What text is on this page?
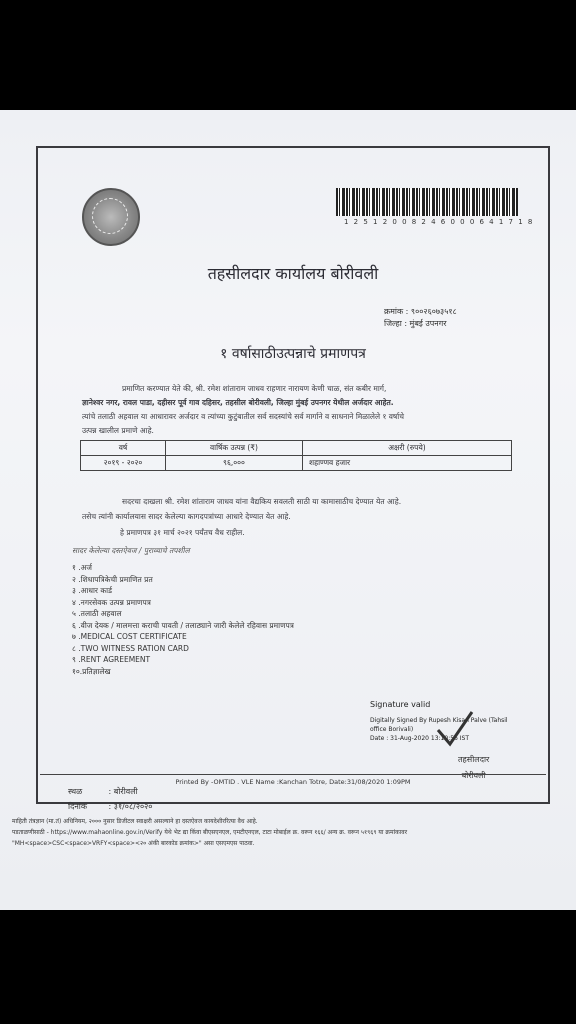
1 2 5 1 2 0 0 8 2 4 6 0 0 0 6 4 1 7 1 8
तहसीलदार कार्यालय बोरीवली
क्रमांक : ९००२६०७३५१८
जिल्हा : मुंबई उपनगर
१ वर्षासाठीउत्पन्नाचे प्रमाणपत्र

प्रमाणित करण्यात येते की, श्री. रमेश शांताराम जाधव राहणार नारायण केणी चाळ, संत कबीर मार्ग,

ज्ञानेश्वर नगर, रावल पाडा, दहीसर पूर्व गाव दहिसर, तहसील बोरीवली, जिल्हा मुंबई उपनगर येथील अर्जदार आहेत.

त्यांचे तलाठी अहवाल या आधारावर अर्जदार व त्यांच्या कुटुंबातील सर्व सदस्यांचे सर्व मार्गाने व साधनाने मिळालेले १ वर्षाचे

उत्पन्न खालील प्रमाणे आहे.

वर्ष	वार्षिक उत्पन्न (₹)	अक्षरी (रुपये)
२०१९ - २०२०	९६,०००	शहाण्णव हजार

सदरचा दाखला श्री. रमेश शांताराम जाधव यांना वैद्यकिय सवलती साठी या कामासाठीच देण्यात येत आहे.

तसेच त्यांनी कार्यालयास सादर केलेल्या कागदपत्रांच्या आधारे देण्यात येत आहे.

हे प्रमाणपत्र ३१ मार्च २०२१ पर्यंतच वैध राहील.
सादर केलेल्या दस्तऐवज / पुराव्याचे तपशील
१ .अर्ज
२ .शिधापत्रिकेची प्रमाणित प्रत
३ .आधार कार्ड
४ .नगरसेवक उत्पन्न प्रमाणपत्र
५ .तलाठी अहवाल
६ .वीज देयक / मालमत्ता कराची पावती / तलाठ्याने जारी केलेले रहिवास प्रमाणपत्र
७ .MEDICAL COST CERTIFICATE
८ .TWO WITNESS RATION CARD
९ .RENT AGREEMENT
१०.प्रतिज्ञालेख
Signature valid
Digitally Signed By Rupesh Kisan Palve (Tahsil
office Borivali)
Date : 31-Aug-2020 13:10:56 IST
तहसीलदार
बोरीवली
स्थळ	: बोरीवली
दिनांक	: ३१/०८/२०२०
Printed By -OMTID . VLE Name :Kanchan Totre, Date:31/08/2020 1:09PM

माहिती तंत्रज्ञान (मा.तं) अधिनियम, २००० नुसार डिजीटल स्वाक्षरी असल्याने हा दस्तऐवज कायदेशीररित्या वैध आहे.

पडताळणीसाठी - https://www.mahaonline.gov.in/Verify येथे भेट द्या किंवा बीएसएनएल, एमटीएनएल, टाटा मोबाईल क्र. वरून १६६/ अन्य क्र. वरून ५१९६९ या क्रमांकावर

"MH<space>CSC<space>VRFY<space><२० अंकी बारकोड क्रमांक>" असा एसएमएस पाठवा.
